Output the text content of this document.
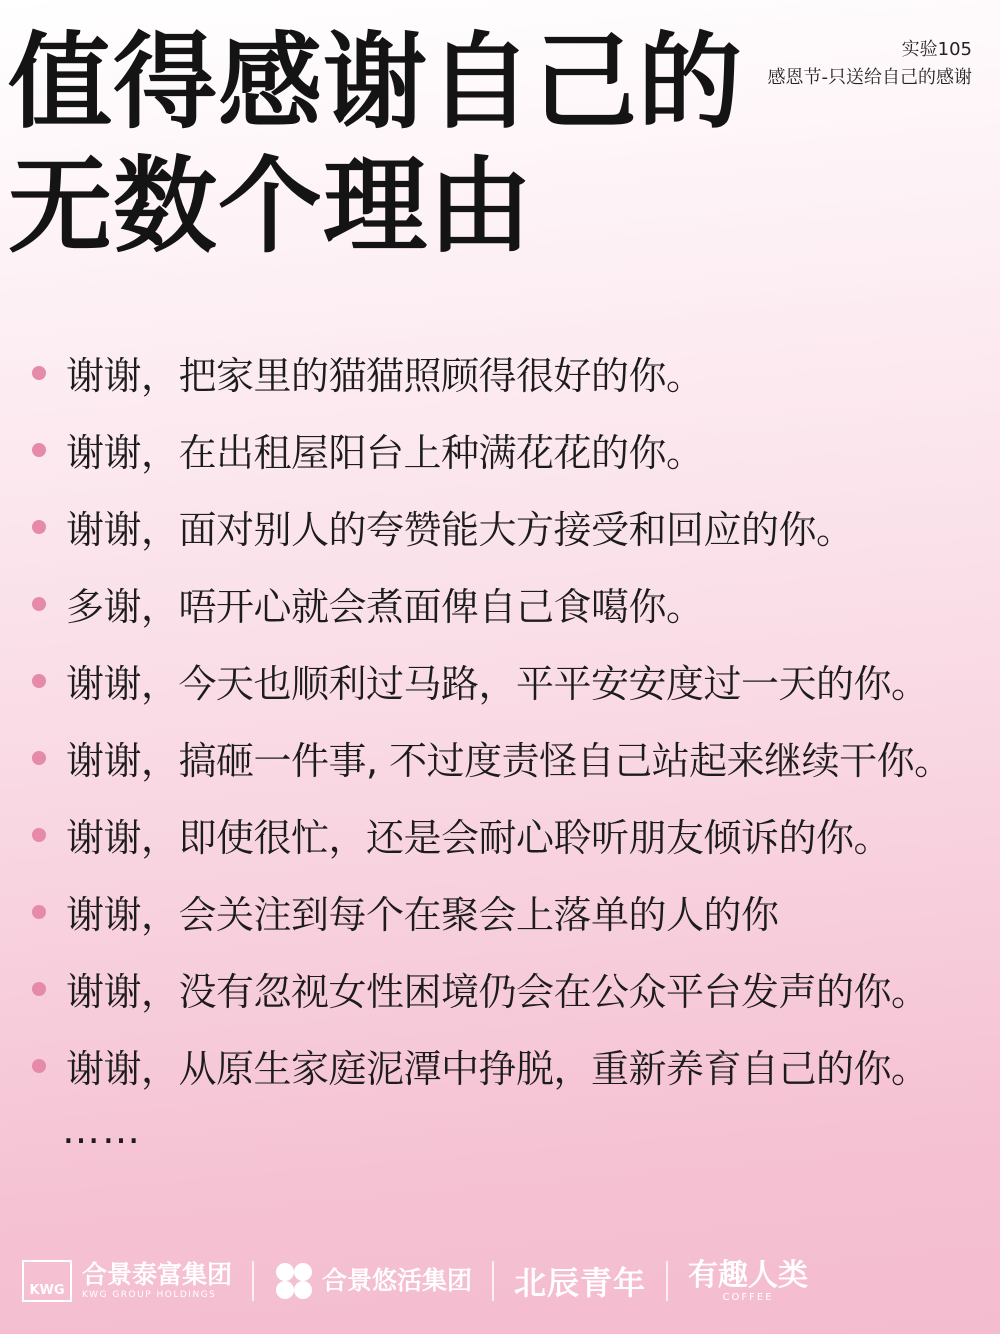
值得感谢自己的
无数个理由
实验105
感恩节-只送给自己的感谢
谢谢，把家里的猫猫照顾得很好的你。
谢谢，在出租屋阳台上种满花花的你。
谢谢，面对别人的夸赞能大方接受和回应的你。
多谢，唔开心就会煮面俾自己食噶你。
谢谢，今天也顺利过马路，平平安安度过一天的你。
谢谢，搞砸一件事, 不过度责怪自己站起来继续干你。
谢谢，即使很忙，还是会耐心聆听朋友倾诉的你。
谢谢，会关注到每个在聚会上落单的人的你
谢谢，没有忽视女性困境仍会在公众平台发声的你。
谢谢，从原生家庭泥潭中挣脱，重新养育自己的你。
……
KWG
合景泰富集团
KWG GROUP HOLDINGS	合景悠活集团 北辰青年 有趣人类
COFFEE
